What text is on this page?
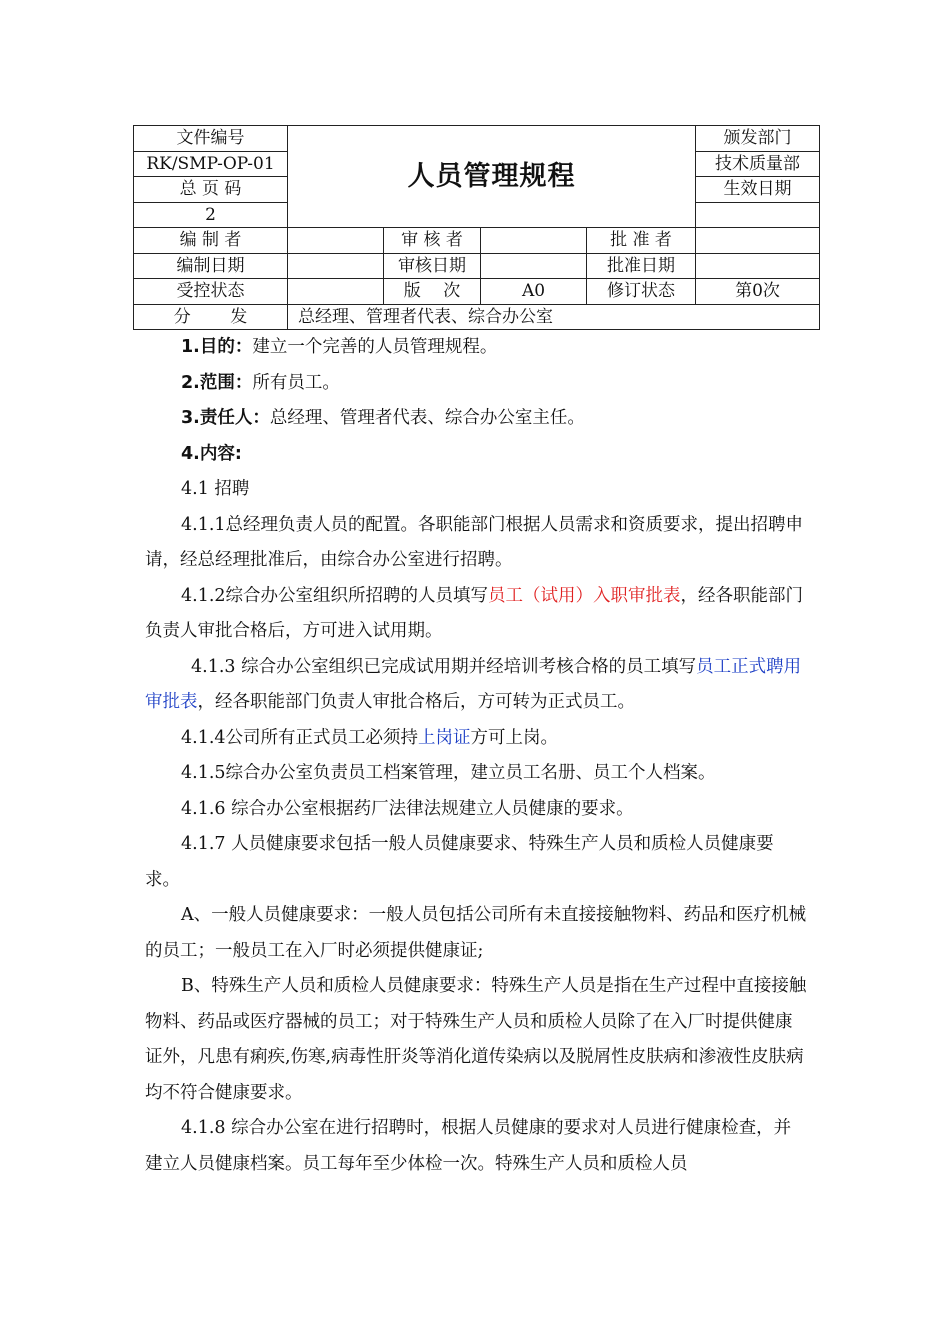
文件编号	人员管理规程				颁发部门
RK/SMP-OP-01					技术质量部
总 页 码					生效日期
2					
编 制 者		审 核 者		批 准 者	
编制日期		审核日期		批准日期	
受控状态		版　 次	A0	修订状态	第0次
分　　 发	总经理、管理者代表、综合办公室				

1.目的：建立一个完善的人员管理规程。

2.范围：所有员工。

3.责任人：总经理、管理者代表、综合办公室主任。

4.内容:

4.1 招聘

4.1.1总经理负责人员的配置。各职能部门根据人员需求和资质要求，提出招聘申请，经总经理批准后，由综合办公室进行招聘。

4.1.2综合办公室组织所招聘的人员填写员工（试用）入职审批表，经各职能部门负责人审批合格后，方可进入试用期。

4.1.3 综合办公室组织已完成试用期并经培训考核合格的员工填写员工正式聘用审批表，经各职能部门负责人审批合格后，方可转为正式员工。

4.1.4公司所有正式员工必须持上岗证方可上岗。

4.1.5综合办公室负责员工档案管理，建立员工名册、员工个人档案。

4.1.6 综合办公室根据药厂法律法规建立人员健康的要求。

4.1.7 人员健康要求包括一般人员健康要求、特殊生产人员和质检人员健康要求。

A、一般人员健康要求：一般人员包括公司所有未直接接触物料、药品和医疗机械的员工；一般员工在入厂时必须提供健康证;

B、特殊生产人员和质检人员健康要求：特殊生产人员是指在生产过程中直接接触物料、药品或医疗器械的员工；对于特殊生产人员和质检人员除了在入厂时提供健康证外，凡患有痢疾,伤寒,病毒性肝炎等消化道传染病以及脱屑性皮肤病和渗液性皮肤病均不符合健康要求。

4.1.8 综合办公室在进行招聘时，根据人员健康的要求对人员进行健康检查，并建立人员健康档案。员工每年至少体检一次。特殊生产人员和质检人员
